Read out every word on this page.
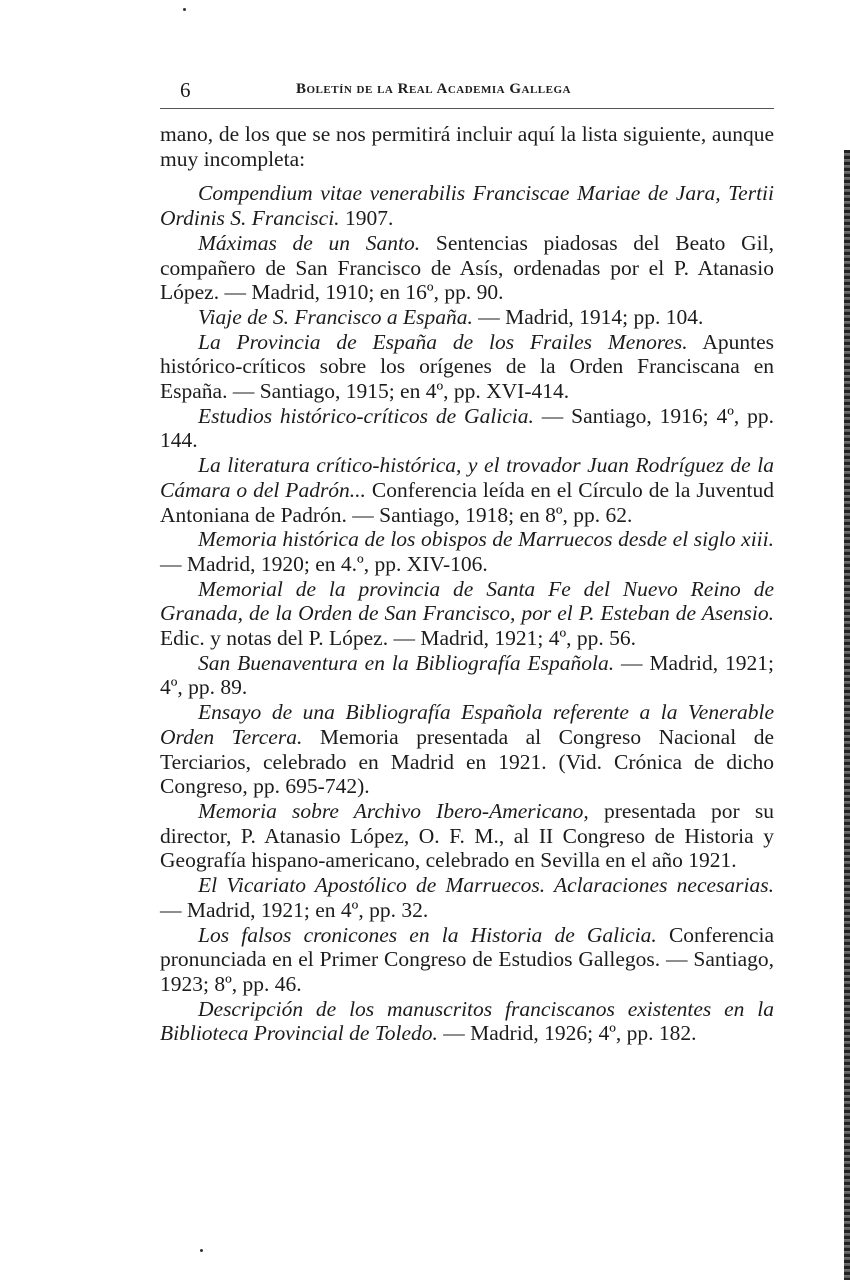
6	Boletín de la Real Academia Gallega

mano, de los que se nos permitirá incluir aquí la lista siguiente, aunque muy incompleta:

Compendium vitae venerabilis Franciscae Mariae de Jara, Tertii Ordinis S. Francisci. 1907.

Máximas de un Santo. Sentencias piadosas del Beato Gil, compañero de San Francisco de Asís, ordenadas por el P. Atanasio López. — Madrid, 1910; en 16º, pp. 90.

Viaje de S. Francisco a España. — Madrid, 1914; pp. 104.

La Provincia de España de los Frailes Menores. Apuntes histórico-críticos sobre los orígenes de la Orden Franciscana en España. — Santiago, 1915; en 4º, pp. XVI-414.

Estudios histórico-críticos de Galicia. — Santiago, 1916; 4º, pp. 144.

La literatura crítico-histórica, y el trovador Juan Rodríguez de la Cámara o del Padrón... Conferencia leída en el Círculo de la Juventud Antoniana de Padrón. — Santiago, 1918; en 8º, pp. 62.

Memoria histórica de los obispos de Marruecos desde el siglo xiii. — Madrid, 1920; en 4.º, pp. XIV-106.

Memorial de la provincia de Santa Fe del Nuevo Reino de Granada, de la Orden de San Francisco, por el P. Esteban de Asensio. Edic. y notas del P. López. — Madrid, 1921; 4º, pp. 56.

San Buenaventura en la Bibliografía Española. — Madrid, 1921; 4º, pp. 89.

Ensayo de una Bibliografía Española referente a la Venerable Orden Tercera. Memoria presentada al Congreso Nacional de Terciarios, celebrado en Madrid en 1921. (Vid. Crónica de dicho Congreso, pp. 695-742).

Memoria sobre Archivo Ibero-Americano, presentada por su director, P. Atanasio López, O. F. M., al II Congreso de Historia y Geografía hispano-americano, celebrado en Sevilla en el año 1921.

El Vicariato Apostólico de Marruecos. Aclaraciones necesarias. — Madrid, 1921; en 4º, pp. 32.

Los falsos cronicones en la Historia de Galicia. Conferencia pronunciada en el Primer Congreso de Estudios Gallegos. — Santiago, 1923; 8º, pp. 46.

Descripción de los manuscritos franciscanos existentes en la Biblioteca Provincial de Toledo. — Madrid, 1926; 4º, pp. 182.
